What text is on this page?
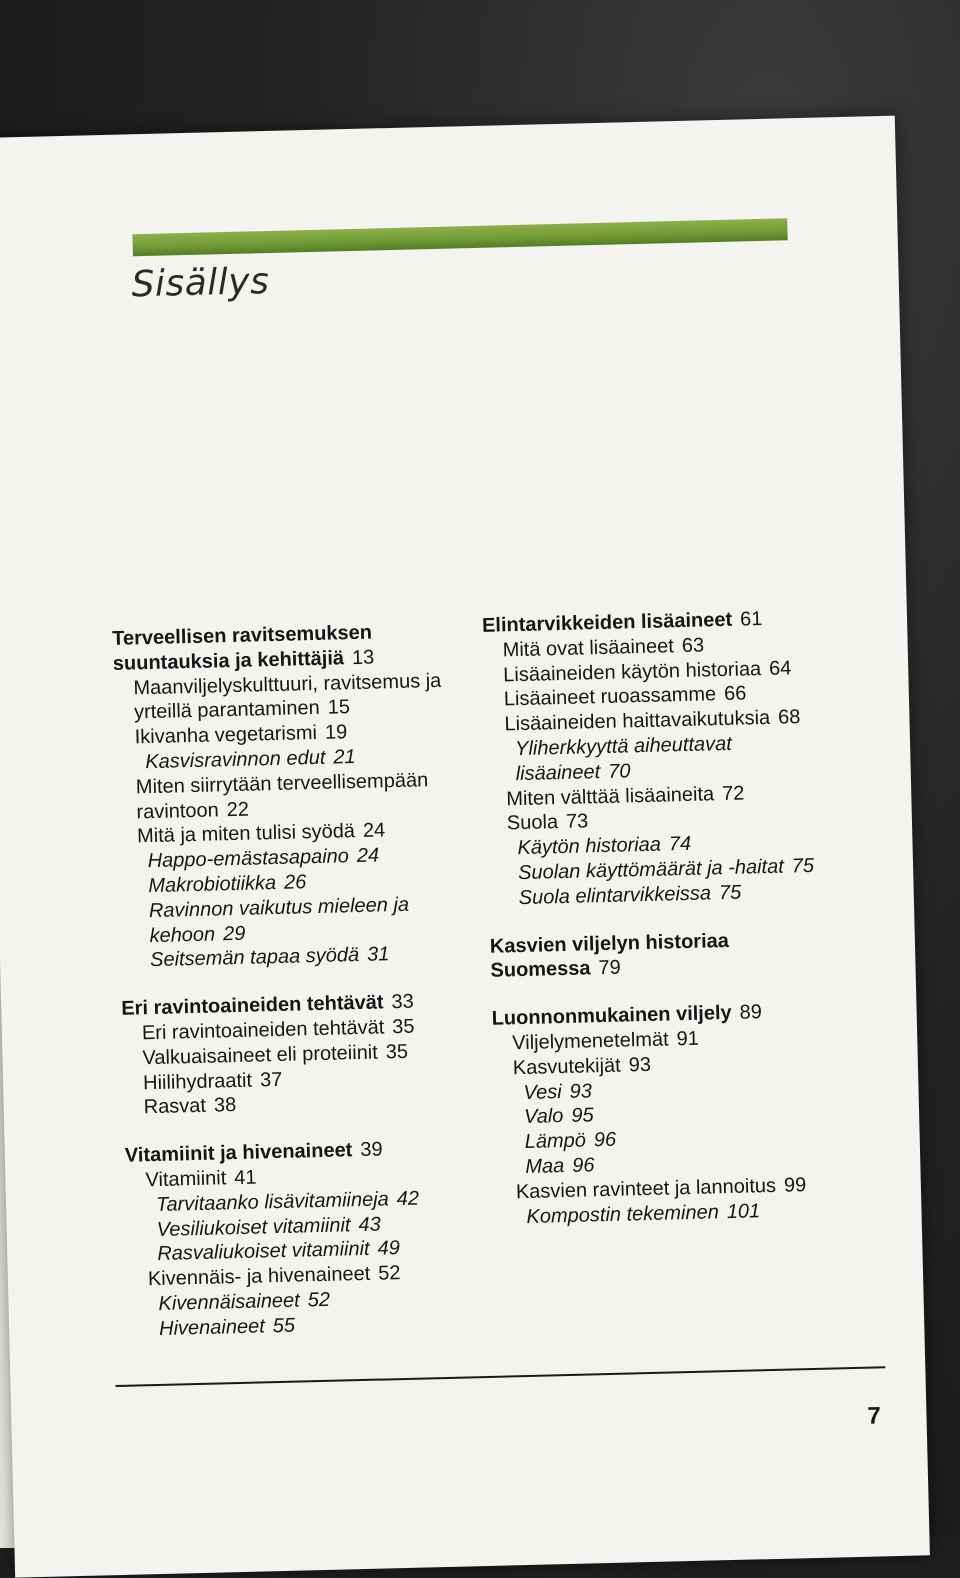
Sisällys
Terveellisen ravitsemuksen suuntauksia ja kehittäjiä 13
Maanviljelyskulttuuri, ravitsemus ja yrteillä parantaminen 15
Ikivanha vegetarismi 19
Kasvisravinnon edut 21
Miten siirrytään terveellisempään ravintoon 22
Mitä ja miten tulisi syödä 24
Happo-emästasapaino 24
Makrobiotiikka 26
Ravinnon vaikutus mieleen ja kehoon 29
Seitsemän tapaa syödä 31
Eri ravintoaineiden tehtävät 33
Eri ravintoaineiden tehtävät 35
Valkuaisaineet eli proteiinit 35
Hiilihydraatit 37
Rasvat 38
Vitamiinit ja hivenaineet 39
Vitamiinit 41
Tarvitaanko lisävitamiineja 42
Vesiliukoiset vitamiinit 43
Rasvaliukoiset vitamiinit 49
Kivennäis- ja hivenaineet 52
Kivennäisaineet 52
Hivenaineet 55
Elintarvikkeiden lisäaineet 61
Mitä ovat lisäaineet 63
Lisäaineiden käytön historiaa 64
Lisäaineet ruoassamme 66
Lisäaineiden haittavaikutuksia 68
Yliherkkyyttä aiheuttavat lisäaineet 70
Miten välttää lisäaineita 72
Suola 73
Käytön historiaa 74
Suolan käyttömäärät ja -haitat 75
Suola elintarvikkeissa 75
Kasvien viljelyn historiaa Suomessa 79
Luonnonmukainen viljely 89
Viljelymenetelmät 91
Kasvutekijät 93
Vesi 93
Valo 95
Lämpö 96
Maa 96
Kasvien ravinteet ja lannoitus 99
Kompostin tekeminen 101
7
